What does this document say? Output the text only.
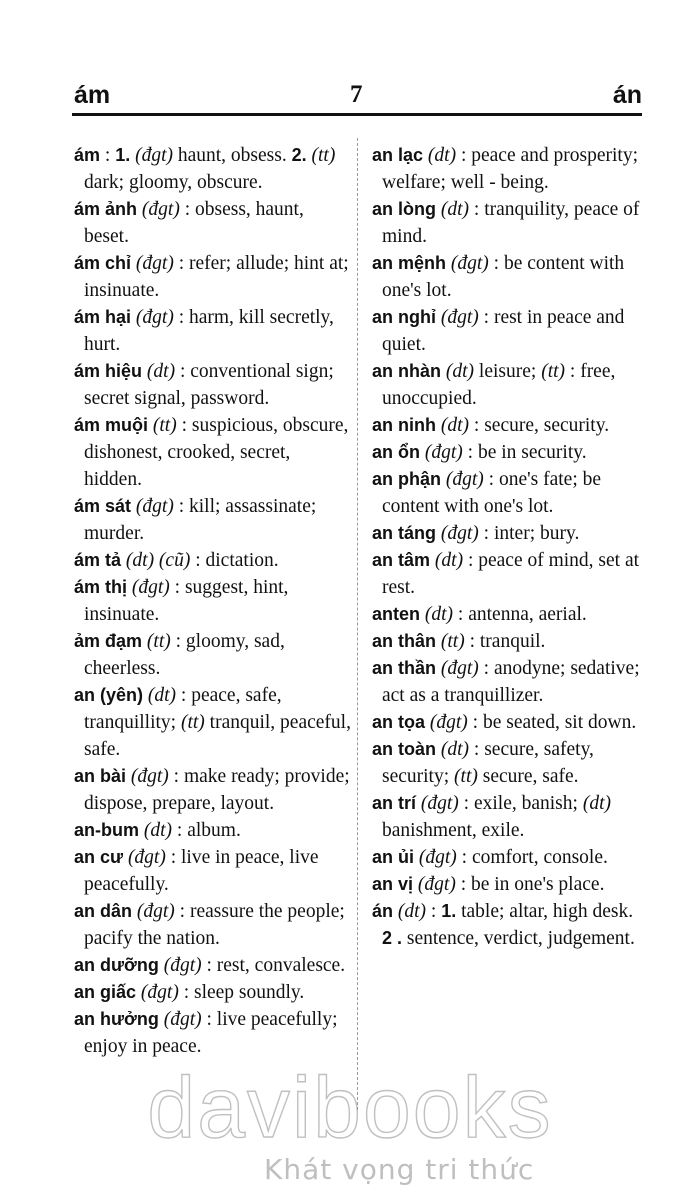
ám	7	án
ám : 1. (đgt) haunt, obsess. 2. (tt) dark; gloomy, obscure.
ám ảnh (đgt) : obsess, haunt, beset.
ám chỉ (đgt) : refer; allude; hint at; insinuate.
ám hại (đgt) : harm, kill secretly, hurt.
ám hiệu (dt) : conventional sign; secret signal, password.
ám muội (tt) : suspicious, obscure, dishonest, crooked, secret, hidden.
ám sát (đgt) : kill; assassinate; murder.
ám tả (dt) (cũ) : dictation.
ám thị (đgt) : suggest, hint, insinuate.
ảm đạm (tt) : gloomy, sad, cheerless.
an (yên) (dt) : peace, safe, tranquillity; (tt) tranquil, peaceful, safe.
an bài (đgt) : make ready; provide; dispose, prepare, layout.
an-bum (dt) : album.
an cư (đgt) : live in peace, live peacefully.
an dân (đgt) : reassure the people; pacify the nation.
an dưỡng (đgt) : rest, convalesce.
an giấc (đgt) : sleep soundly.
an hưởng (đgt) : live peacefully; enjoy in peace.
an lạc (dt) : peace and prosperity; welfare; well - being.
an lòng (dt) : tranquility, peace of mind.
an mệnh (đgt) : be content with one's lot.
an nghỉ (đgt) : rest in peace and quiet.
an nhàn (dt) leisure; (tt) : free, unoccupied.
an ninh (dt) : secure, security.
an ổn (đgt) : be in security.
an phận (đgt) : one's fate; be content with one's lot.
an táng (đgt) : inter; bury.
an tâm (dt) : peace of mind, set at rest.
anten (dt) : antenna, aerial.
an thân (tt) : tranquil.
an thần (đgt) : anodyne; sedative; act as a tranquillizer.
an tọa (đgt) : be seated, sit down.
an toàn (dt) : secure, safety, security; (tt) secure, safe.
an trí (đgt) : exile, banish; (dt) banishment, exile.
an ủi (đgt) : comfort, console.
an vị (đgt) : be in one's place.
án (dt) : 1. table; altar, high desk. 2 . sentence, verdict, judgement.
davibooks
Khát vọng tri thức
